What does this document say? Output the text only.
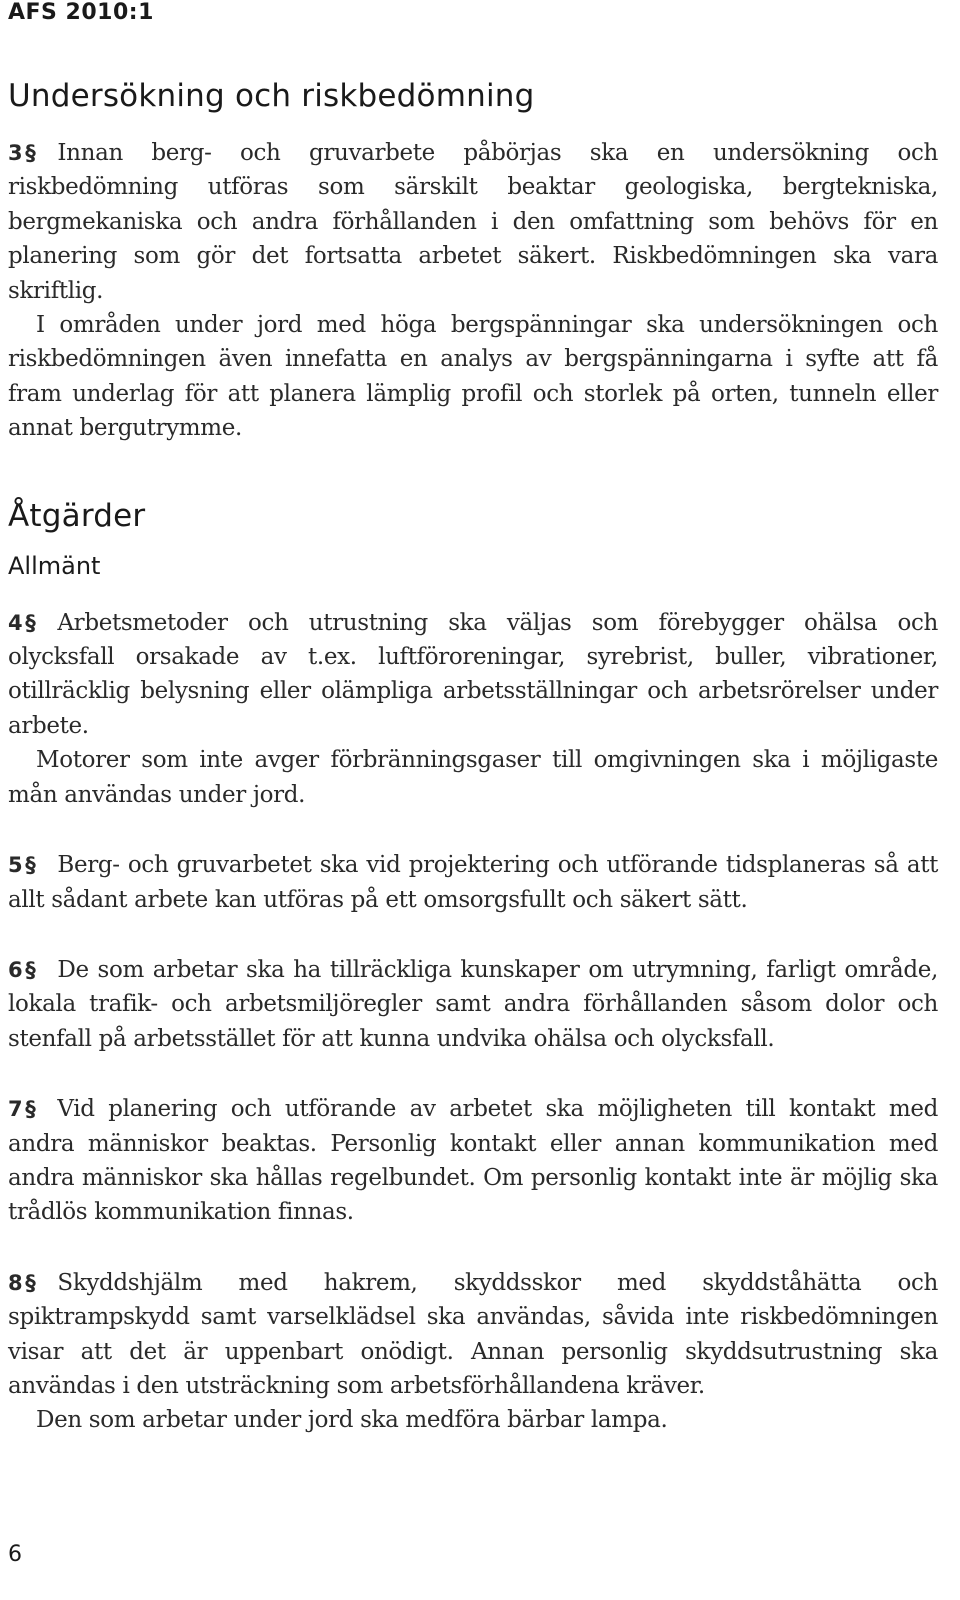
AFS 2010:1
Undersökning och riskbedömning

3 § Innan berg- och gruvarbete påbörjas ska en undersökning och riskbedömning utföras som särskilt beaktar geologiska, bergtekniska, bergmekaniska och andra förhållanden i den omfattning som behövs för en planering som gör det fortsatta arbetet säkert. Riskbedömningen ska vara skriftlig.

I områden under jord med höga bergspänningar ska undersökningen och riskbedömningen även innefatta en analys av bergspänningarna i syfte att få fram underlag för att planera lämplig profil och storlek på orten, tunneln eller annat bergutrymme.

Åtgärder
Allmänt

4 § Arbetsmetoder och utrustning ska väljas som förebygger ohälsa och olycksfall orsakade av t.ex. luftföroreningar, syrebrist, buller, vibrationer, otillräcklig belysning eller olämpliga arbetsställningar och arbetsrörelser under arbete.

Motorer som inte avger förbränningsgaser till omgivningen ska i möjligaste mån användas under jord.

5 § Berg- och gruvarbetet ska vid projektering och utförande tidsplaneras så att allt sådant arbete kan utföras på ett omsorgsfullt och säkert sätt.

6 § De som arbetar ska ha tillräckliga kunskaper om utrymning, farligt område, lokala trafik- och arbetsmiljöregler samt andra förhållanden såsom dolor och stenfall på arbetsstället för att kunna undvika ohälsa och olycksfall.

7 § Vid planering och utförande av arbetet ska möjligheten till kontakt med andra människor beaktas. Personlig kontakt eller annan kommunikation med andra människor ska hållas regelbundet. Om personlig kontakt inte är möjlig ska trådlös kommunikation finnas.

8 § Skyddshjälm med hakrem, skyddsskor med skyddståhätta och spiktrampskydd samt varselklädsel ska användas, såvida inte riskbedömningen visar att det är uppenbart onödigt. Annan personlig skyddsutrustning ska användas i den utsträckning som arbetsförhållandena kräver.

Den som arbetar under jord ska medföra bärbar lampa.

6
